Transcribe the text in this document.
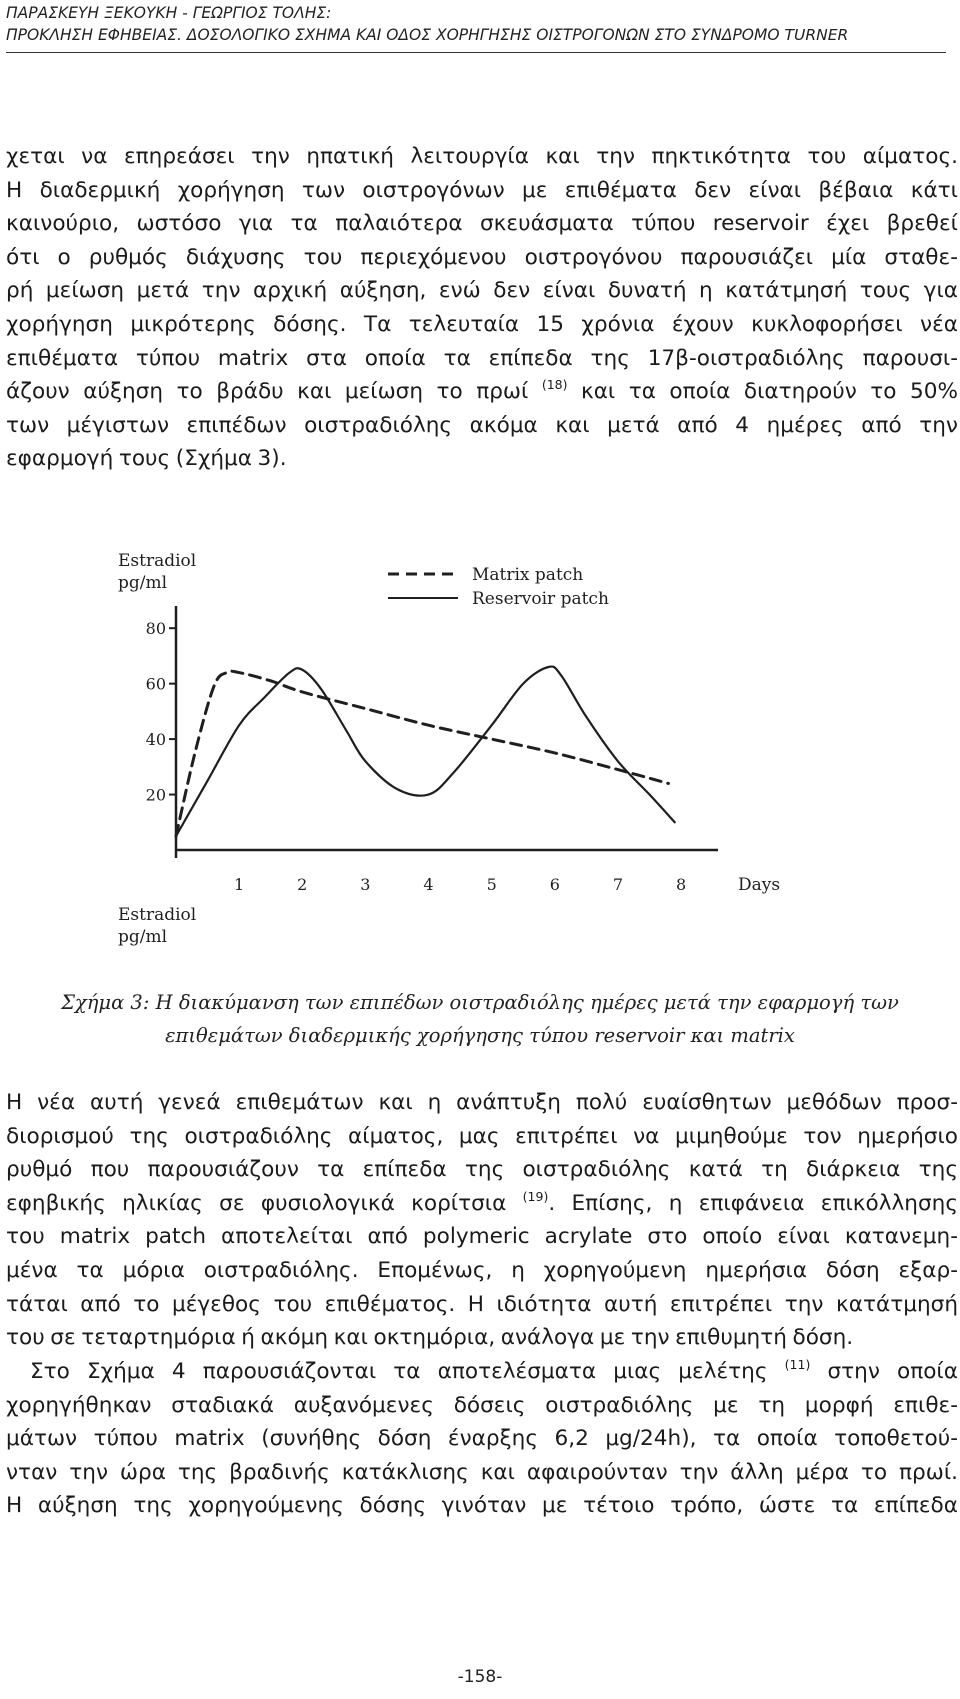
ΠΑΡΑΣΚΕΥΗ ΞΕΚΟΥΚΗ - ΓΕΩΡΓΙΟΣ ΤΟΛΗΣ:
ΠΡΟΚΛΗΣΗ ΕΦΗΒΕΙΑΣ. ΔΟΣΟΛΟΓΙΚΟ ΣΧΗΜΑ ΚΑΙ ΟΔΟΣ ΧΟΡΗΓΗΣΗΣ ΟΙΣΤΡΟΓΟΝΩΝ ΣΤΟ ΣΥΝΔΡΟΜΟ TURNER
χεται να επηρεάσει την ηπατική λειτουργία και την πηκτικότητα του αίματος.
Η διαδερμική χορήγηση των οιστρογόνων με επιθέματα δεν είναι βέβαια κάτι
καινούριο, ωστόσο για τα παλαιότερα σκευάσματα τύπου reservoir έχει βρεθεί
ότι ο ρυθμός διάχυσης του περιεχόμενου οιστρογόνου παρουσιάζει μία σταθε-
ρή μείωση μετά την αρχική αύξηση, ενώ δεν είναι δυνατή η κατάτμησή τους για
χορήγηση μικρότερης δόσης. Τα τελευταία 15 χρόνια έχουν κυκλοφορήσει νέα
επιθέματα τύπου matrix στα οποία τα επίπεδα της 17β-οιστραδιόλης παρουσι-
άζουν αύξηση το βράδυ και μείωση το πρωί $^{(18)}$ και τα οποία διατηρούν το 50%
των μέγιστων επιπέδων οιστραδιόλης ακόμα και μετά από 4 ημέρες από την
εφαρμογή τους (Σχήμα 3).
20
40
60
80
1	2	3	4	5	6	7	8
Estradiol
pg/ml
Estradiol
pg/ml
Days
Matrix patch
Reservoir patch

Σχήμα 3: Η διακύμανση των επιπέδων οιστραδιόλης ημέρες μετά την εφαρμογή των
επιθεμάτων διαδερμικής χορήγησης τύπου reservoir και matrix

Η νέα αυτή γενεά επιθεμάτων και η ανάπτυξη πολύ ευαίσθητων μεθόδων προσ-
διορισμού της οιστραδιόλης αίματος, μας επιτρέπει να μιμηθούμε τον ημερήσιο
ρυθμό που παρουσιάζουν τα επίπεδα της οιστραδιόλης κατά τη διάρκεια της
εφηβικής ηλικίας σε φυσιολογικά κορίτσια $^{(19)}$. Επίσης, η επιφάνεια επικόλλησης
του matrix patch αποτελείται από polymeric acrylate στο οποίο είναι κατανεμη-
μένα τα μόρια οιστραδιόλης. Επομένως, η χορηγούμενη ημερήσια δόση εξαρ-
τάται από το μέγεθος του επιθέματος. Η ιδιότητα αυτή επιτρέπει την κατάτμησή
του σε τεταρτημόρια ή ακόμη και οκτημόρια, ανάλογα με την επιθυμητή δόση.
Στο Σχήμα 4 παρουσιάζονται τα αποτελέσματα μιας μελέτης $^{(11)}$ στην οποία
χορηγήθηκαν σταδιακά αυξανόμενες δόσεις οιστραδιόλης με τη μορφή επιθε-
μάτων τύπου matrix (συνήθης δόση έναρξης 6,2 μg/24h), τα οποία τοποθετού-
νταν την ώρα της βραδινής κατάκλισης και αφαιρούνταν την άλλη μέρα το πρωί.
Η αύξηση της χορηγούμενης δόσης γινόταν με τέτοιο τρόπο, ώστε τα επίπεδα
-158-
